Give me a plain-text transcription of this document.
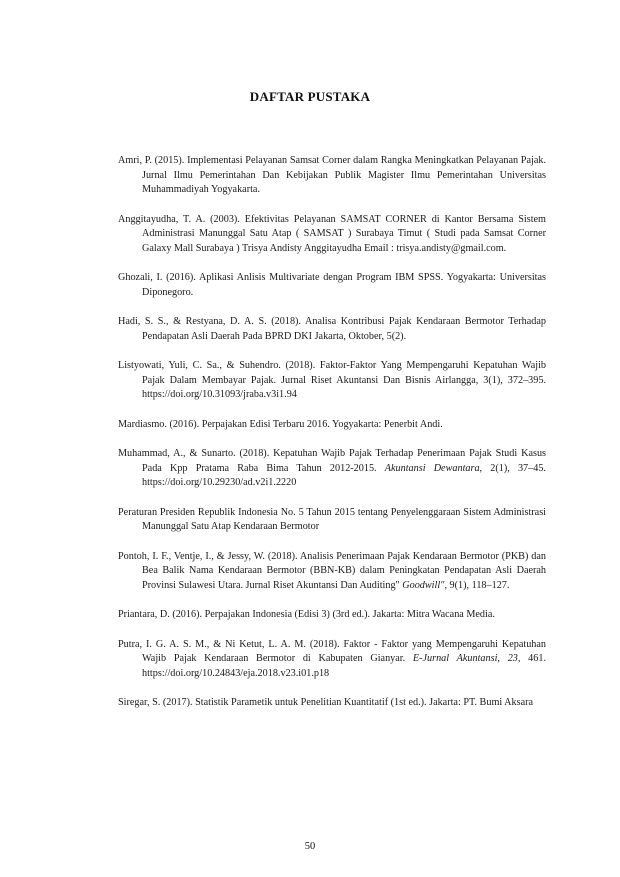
DAFTAR PUSTAKA

Amri, P. (2015). Implementasi Pelayanan Samsat Corner dalam Rangka Meningkatkan Pelayanan Pajak. Jurnal Ilmu Pemerintahan Dan Kebijakan Publik Magister Ilmu Pemerintahan Universitas Muhammadiyah Yogyakarta.

Anggitayudha, T. A. (2003). Efektivitas Pelayanan SAMSAT CORNER di Kantor Bersama Sistem Administrasi Manunggal Satu Atap ( SAMSAT ) Surabaya Timut ( Studi pada Samsat Corner Galaxy Mall Surabaya ) Trisya Andisty Anggitayudha Email : trisya.andisty@gmail.com.

Ghozali, I. (2016). Aplikasi Anlisis Multivariate dengan Program IBM SPSS. Yogyakarta: Universitas Diponegoro.

Hadi, S. S., & Restyana, D. A. S. (2018). Analisa Kontribusi Pajak Kendaraan Bermotor Terhadap Pendapatan Asli Daerah Pada BPRD DKI Jakarta, Oktober, 5(2).

Listyowati, Yuli, C. Sa., & Suhendro. (2018). Faktor-Faktor Yang Mempengaruhi Kepatuhan Wajib Pajak Dalam Membayar Pajak. Jurnal Riset Akuntansi Dan Bisnis Airlangga, 3(1), 372–395. https://doi.org/10.31093/jraba.v3i1.94

Mardiasmo. (2016). Perpajakan Edisi Terbaru 2016. Yogyakarta: Penerbit Andi.

Muhammad, A., & Sunarto. (2018). Kepatuhan Wajib Pajak Terhadap Penerimaan Pajak Studi Kasus Pada Kpp Pratama Raba Bima Tahun 2012-2015. Akuntansi Dewantara, 2(1), 37–45. https://doi.org/10.29230/ad.v2i1.2220

Peraturan Presiden Republik Indonesia No. 5 Tahun 2015 tentang Penyelenggaraan Sistem Administrasi Manunggal Satu Atap Kendaraan Bermotor

Pontoh, I. F., Ventje, I., & Jessy, W. (2018). Analisis Penerimaan Pajak Kendaraan Bermotor (PKB) dan Bea Balik Nama Kendaraan Bermotor (BBN-KB) dalam Peningkatan Pendapatan Asli Daerah Provinsi Sulawesi Utara. Jurnal Riset Akuntansi Dan Auditing" Goodwill", 9(1), 118–127.

Priantara, D. (2016). Perpajakan Indonesia (Edisi 3) (3rd ed.). Jakarta: Mitra Wacana Media.

Putra, I. G. A. S. M., & Ni Ketut, L. A. M. (2018). Faktor - Faktor yang Mempengaruhi Kepatuhan Wajib Pajak Kendaraan Bermotor di Kabupaten Gianyar. E-Jurnal Akuntansi, 23, 461. https://doi.org/10.24843/eja.2018.v23.i01.p18

Siregar, S. (2017). Statistik Parametik untuk Penelitian Kuantitatif (1st ed.). Jakarta: PT. Bumi Aksara

50
